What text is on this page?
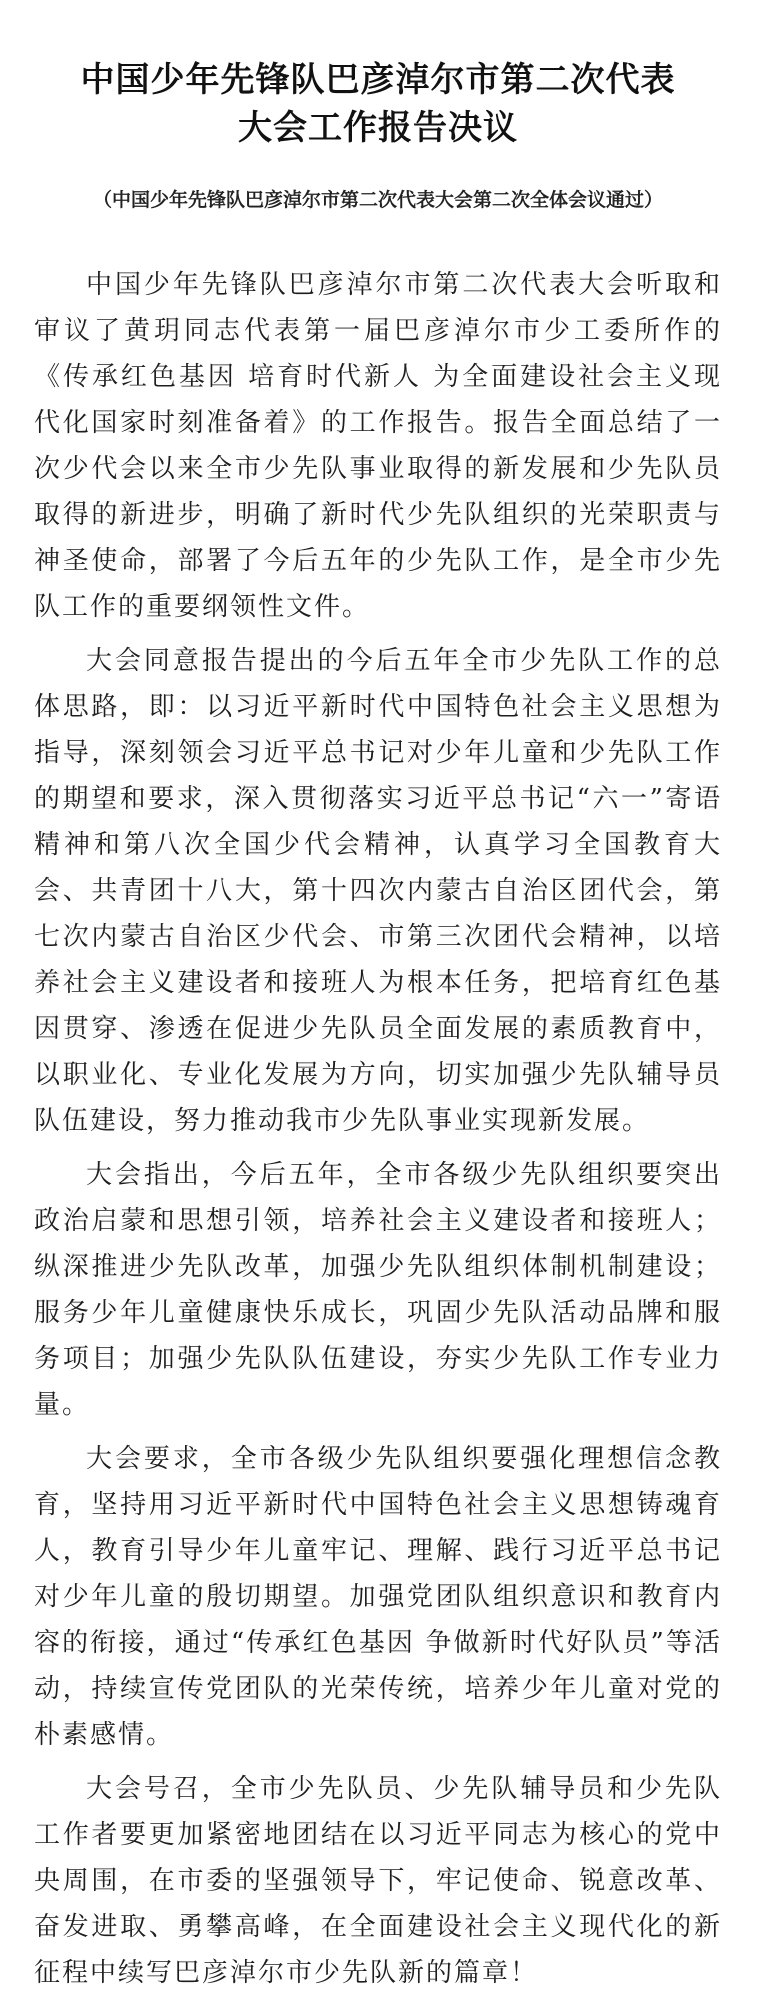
中国少年先锋队巴彦淖尔市第二次代表
大会工作报告决议

（中国少年先锋队巴彦淖尔市第二次代表大会第二次全体会议通过）

中国少年先锋队巴彦淖尔市第二次代表大会听取和审议了黄玥同志代表第一届巴彦淖尔市少工委所作的《传承红色基因 培育时代新人 为全面建设社会主义现代化国家时刻准备着》的工作报告。报告全面总结了一次少代会以来全市少先队事业取得的新发展和少先队员取得的新进步，明确了新时代少先队组织的光荣职责与神圣使命，部署了今后五年的少先队工作，是全市少先队工作的重要纲领性文件。

大会同意报告提出的今后五年全市少先队工作的总体思路，即：以习近平新时代中国特色社会主义思想为指导，深刻领会习近平总书记对少年儿童和少先队工作的期望和要求，深入贯彻落实习近平总书记“六一”寄语精神和第八次全国少代会精神，认真学习全国教育大会、共青团十八大，第十四次内蒙古自治区团代会，第七次内蒙古自治区少代会、市第三次团代会精神，以培养社会主义建设者和接班人为根本任务，把培育红色基因贯穿、渗透在促进少先队员全面发展的素质教育中，以职业化、专业化发展为方向，切实加强少先队辅导员队伍建设，努力推动我市少先队事业实现新发展。

大会指出，今后五年，全市各级少先队组织要突出政治启蒙和思想引领，培养社会主义建设者和接班人；纵深推进少先队改革，加强少先队组织体制机制建设；服务少年儿童健康快乐成长，巩固少先队活动品牌和服务项目；加强少先队队伍建设，夯实少先队工作专业力量。

大会要求，全市各级少先队组织要强化理想信念教育，坚持用习近平新时代中国特色社会主义思想铸魂育人，教育引导少年儿童牢记、理解、践行习近平总书记对少年儿童的殷切期望。加强党团队组织意识和教育内容的衔接，通过“传承红色基因 争做新时代好队员”等活动，持续宣传党团队的光荣传统，培养少年儿童对党的朴素感情。

大会号召，全市少先队员、少先队辅导员和少先队工作者要更加紧密地团结在以习近平同志为核心的党中央周围，在市委的坚强领导下，牢记使命、锐意改革、奋发进取、勇攀高峰，在全面建设社会主义现代化的新征程中续写巴彦淖尔市少先队新的篇章！
